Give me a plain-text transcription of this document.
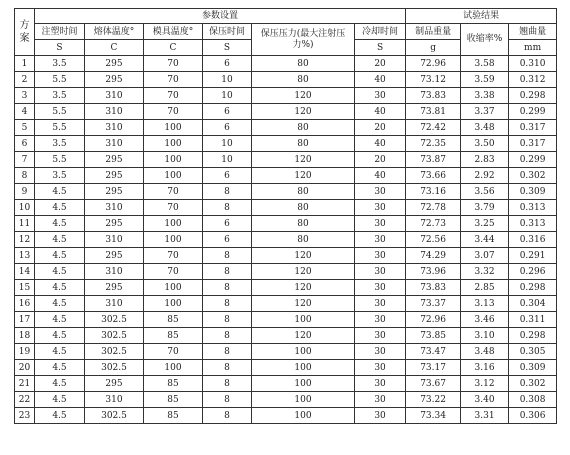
方 案	参数设置						试验结果		
	注塑时间	熔体温度°	模具温度°	保压时间	保压压力(最大注射压力%)	冷却时间	制品重量	收缩率%	翘曲量
	S	C	C	S		S	g		mm
1	3.5	295	70	6	80	20	72.96	3.58	0.310
2	5.5	295	70	10	80	40	73.12	3.59	0.312
3	3.5	310	70	10	120	30	73.83	3.38	0.298
4	5.5	310	70	6	120	40	73.81	3.37	0.299
5	5.5	310	100	6	80	20	72.42	3.48	0.317
6	3.5	310	100	10	80	40	72.35	3.50	0.317
7	5.5	295	100	10	120	20	73.87	2.83	0.299
8	3.5	295	100	6	120	40	73.66	2.92	0.302
9	4.5	295	70	8	80	30	73.16	3.56	0.309
10	4.5	310	70	8	80	30	72.78	3.79	0.313
11	4.5	295	100	6	80	30	72.73	3.25	0.313
12	4.5	310	100	6	80	30	72.56	3.44	0.316
13	4.5	295	70	8	120	30	74.29	3.07	0.291
14	4.5	310	70	8	120	30	73.96	3.32	0.296
15	4.5	295	100	8	120	30	73.83	2.85	0.298
16	4.5	310	100	8	120	30	73.37	3.13	0.304
17	4.5	302.5	85	8	100	30	72.96	3.46	0.311
18	4.5	302.5	85	8	120	30	73.85	3.10	0.298
19	4.5	302.5	70	8	100	30	73.47	3.48	0.305
20	4.5	302.5	100	8	100	30	73.17	3.16	0.309
21	4.5	295	85	8	100	30	73.67	3.12	0.302
22	4.5	310	85	8	100	30	73.22	3.40	0.308
23	4.5	302.5	85	8	100	30	73.34	3.31	0.306
